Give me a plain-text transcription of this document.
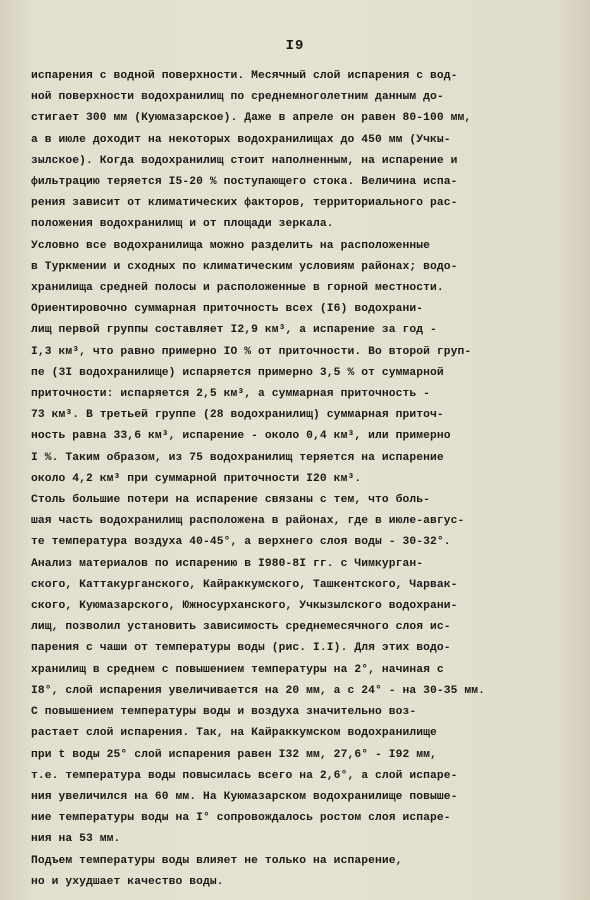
I9
испарения с водной поверхности. Месячный слой испарения с вод-
ной поверхности водохранилищ по среднемноголетним данным до-
стигает 300 мм (Куюмазарское). Даже в апреле он равен 80-100 мм,
а в июле доходит на некоторых водохранилищах до 450 мм (Учкы-
зылское). Когда водохранилищ стоит наполненным, на испарение и
фильтрацию теряется I5-20 % поступающего стока. Величина испа-
рения зависит от климатических факторов, территориального рас-
положения водохранилищ и от площади зеркала.
Условно все водохранилища можно разделить на расположенные
в Туркмении и сходных по климатическим условиям районах; водо-
хранилища средней полосы и расположенные в горной местности.
Ориентировочно суммарная приточность всех (I6) водохрани-
лищ первой группы составляет I2,9 км³, а испарение за год -
I,3 км³, что равно примерно IO % от приточности. Во второй груп-
пе (3I водохранилище) испаряется примерно 3,5 % от суммарной
приточности: испаряется 2,5 км³, а суммарная приточность -
73 км³. В третьей группе (28 водохранилищ) суммарная приточ-
ность равна 33,6 км³, испарение - около 0,4 км³, или примерно
I %. Таким образом, из 75 водохранилищ теряется на испарение
около 4,2 км³ при суммарной приточности I20 км³.
Столь большие потери на испарение связаны с тем, что боль-
шая часть водохранилищ расположена в районах, где в июле-авгус-
те температура воздуха 40-45°, а верхнего слоя воды - 30-32°.
Анализ материалов по испарению в I980-8I гг. с Чимкурган-
ского, Каттакурганского, Кайраккумского, Ташкентского, Чарвак-
ского, Куюмазарского, Южносурханского, Учкызылского водохрани-
лищ, позволил установить зависимость среднемесячного слоя ис-
парения с чаши от температуры воды (рис. I.I). Для этих водо-
хранилищ в среднем с повышением температуры на 2°, начиная с
I8°, слой испарения увеличивается на 20 мм, а с 24° - на 30-35 мм.
С повышением температуры воды и воздуха значительно воз-
растает слой испарения. Так, на Кайраккумском водохранилище
при t воды 25° слой испарения равен I32 мм, 27,6° - I92 мм,
т.е. температура воды повысилась всего на 2,6°, а слой испаре-
ния увеличился на 60 мм. На Куюмазарском водохранилище повыше-
ние температуры воды на I° сопровождалось ростом слоя испаре-
ния на 53 мм.
Подъем температуры воды влияет не только на испарение,
но и ухудшает качество воды.
